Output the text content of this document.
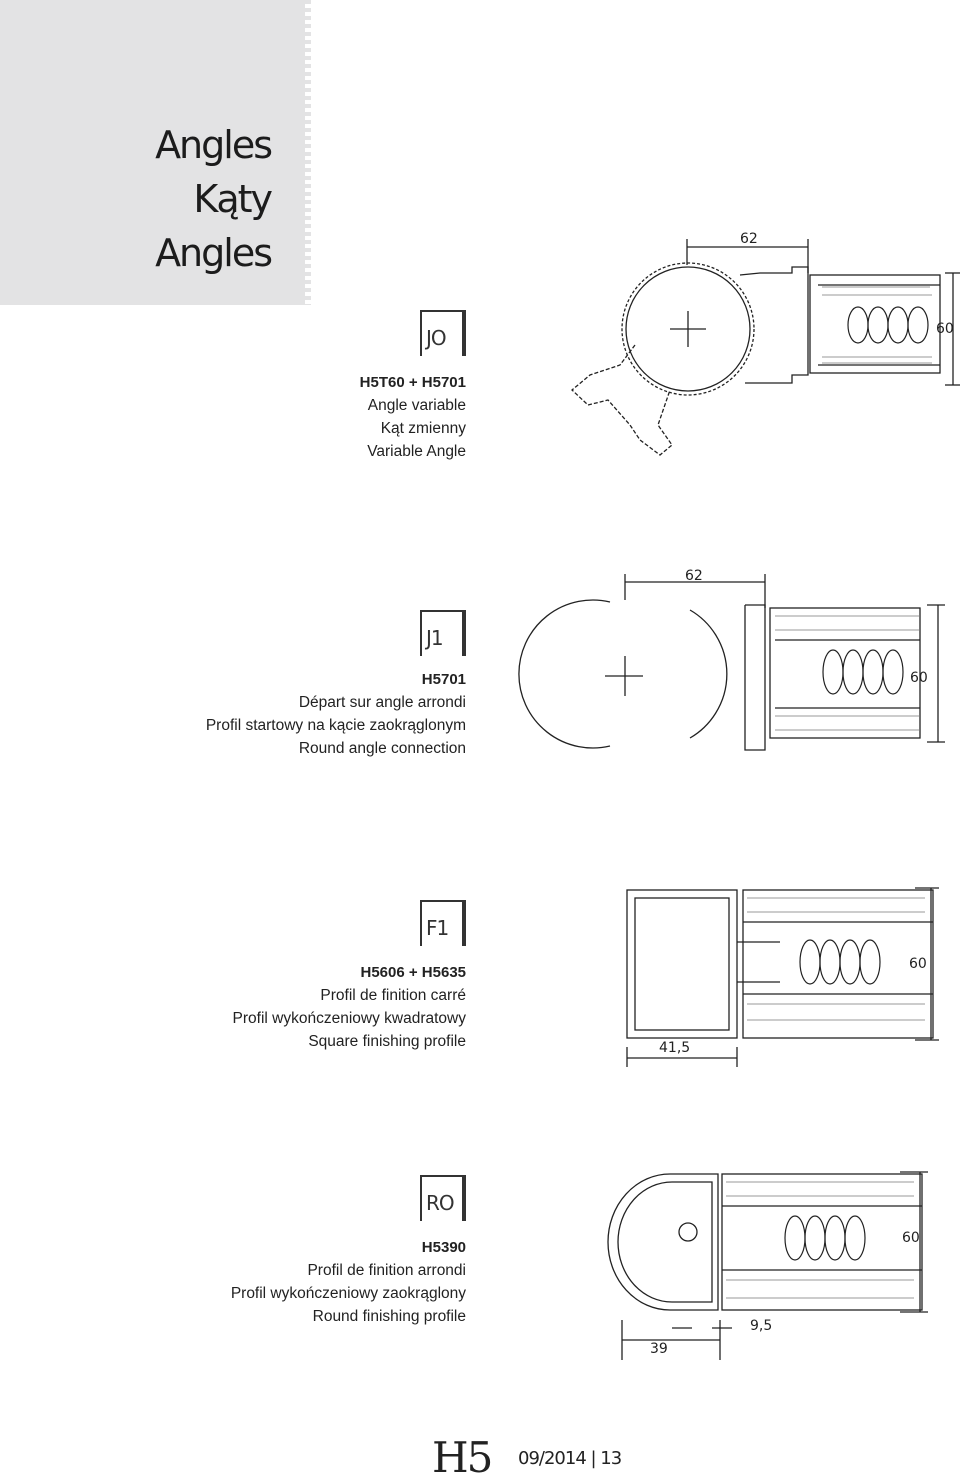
Angles
Kąty
Angles
JO
H5T60 + H5701
Angle variable
Kąt zmienny
Variable Angle
62
60
J1
H5701
Départ sur angle arrondi
Profil startowy na kącie zaokrąglonym
Round angle connection
62
60
F1
H5606 + H5635
Profil de finition carré
Profil wykończeniowy kwadratowy
Square finishing profile	41,5
60
RO
H5390
Profil de finition arrondi
Profil wykończeniowy zaokrąglony
Round finishing profile
39
9,5
60
H5 09/2014 | 13
